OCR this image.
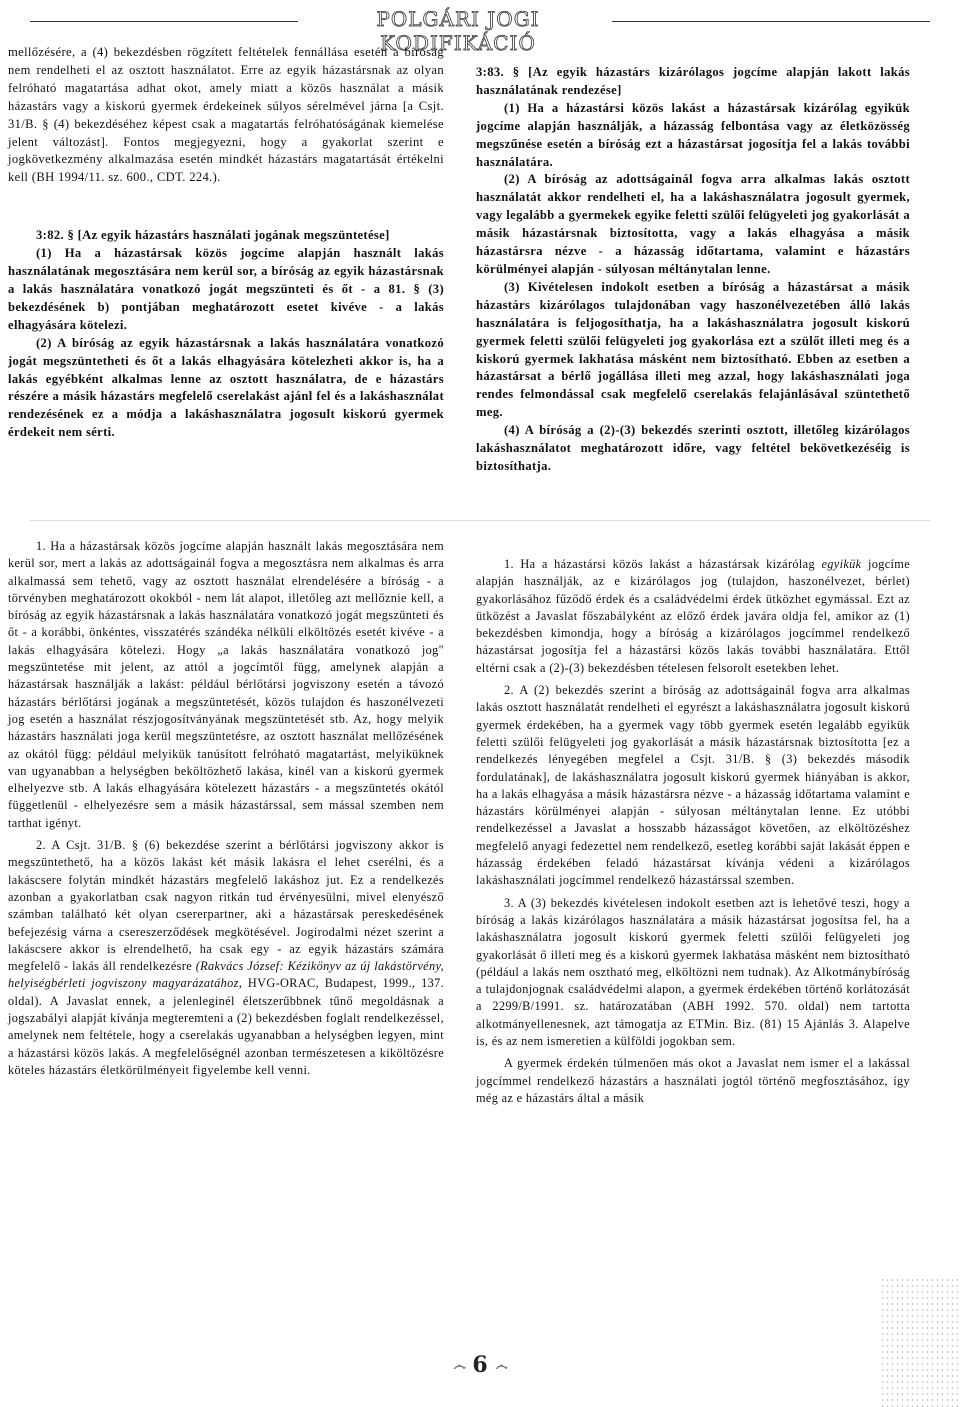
POLGÁRI JOGI KODIFIKÁCIÓ

mellőzésére, a (4) bekezdésben rögzített feltételek fennállása esetén a bíróság nem rendelheti el az osztott használatot. Erre az egyik házastársnak az olyan felróható magatartása adhat okot, amely miatt a közös használat a másik házastárs vagy a kiskorú gyermek érdekeinek súlyos sérelmével járna [a Csjt. 31/B. § (4) bekezdéséhez képest csak a magatartás felróhatóságának kiemelése jelent változást]. Fontos megjegyezni, hogy a gyakorlat szerint e jogkövetkezmény alkalmazása esetén mindkét házastárs magatartását értékelni kell (BH 1994/11. sz. 600., CDT. 224.).

3:82. § [Az egyik házastárs használati jogának megszüntetése]

(1) Ha a házastársak közös jogcíme alapján használt lakás használatának megosztására nem kerül sor, a bíróság az egyik házastársnak a lakás használatára vonatkozó jogát megszünteti és őt - a 81. § (3) bekezdésének b) pontjában meghatározott esetet kivéve - a lakás elhagyására kötelezi.

(2) A bíróság az egyik házastársnak a lakás használatára vonatkozó jogát megszüntetheti és őt a lakás elhagyására kötelezheti akkor is, ha a lakás egyébként alkalmas lenne az osztott használatra, de e házastárs részére a másik házastárs megfelelő cserelakást ajánl fel és a lakáshasználat rendezésének ez a módja a lakáshasználatra jogosult kiskorú gyermek érdekeit nem sérti.

3:83. § [Az egyik házastárs kizárólagos jogcíme alapján lakott lakás használatának rendezése]

(1) Ha a házastársi közös lakást a házastársak kizárólag egyikük jogcíme alapján használják, a házasság felbontása vagy az életközösség megszűnése esetén a bíróság ezt a házastársat jogosítja fel a lakás további használatára.

(2) A bíróság az adottságainál fogva arra alkalmas lakás osztott használatát akkor rendelheti el, ha a lakáshasználatra jogosult gyermek, vagy legalább a gyermekek egyike feletti szülői felügyeleti jog gyakorlását a másik házastársnak biztosította, vagy a lakás elhagyása a másik házastársra nézve - a házasság időtartama, valamint e házastárs körülményei alapján - súlyosan méltánytalan lenne.

(3) Kivételesen indokolt esetben a bíróság a házastársat a másik házastárs kizárólagos tulajdonában vagy haszonélvezetében álló lakás használatára is feljogosíthatja, ha a lakáshasználatra jogosult kiskorú gyermek feletti szülői felügyeleti jog gyakorlása ezt a szülőt illeti meg és a kiskorú gyermek lakhatása másként nem biztosítható. Ebben az esetben a házastársat a bérlő jogállása illeti meg azzal, hogy lakáshasználati joga rendes felmondással csak megfelelő cserelakás felajánlásával szüntethető meg.

(4) A bíróság a (2)-(3) bekezdés szerinti osztott, illetőleg kizárólagos lakáshasználatot meghatározott időre, vagy feltétel bekövetkezéséig is biztosíthatja.

1. Ha a házastársak közös jogcíme alapján használt lakás megosztására nem kerül sor, mert a lakás az adottságainál fogva a megosztásra nem alkalmas és arra alkalmassá sem tehető, vagy az osztott használat elrendelésére a bíróság - a törvényben meghatározott okokból - nem lát alapot, illetőleg azt mellőznie kell, a bíróság az egyik házastársnak a lakás használatára vonatkozó jogát megszünteti és őt - a korábbi, önkéntes, visszatérés szándéka nélküli elköltözés esetét kivéve - a lakás elhagyására kötelezi. Hogy „a lakás használatára vonatkozó jog" megszüntetése mit jelent, az attól a jogcímtől függ, amelynek alapján a házastársak használják a lakást: például bérlőtársi jogviszony esetén a távozó házastárs bérlőtársi jogának a megszüntetését, közös tulajdon és haszonélvezeti jog esetén a használat részjogosítványának megszüntetését stb. Az, hogy melyik házastárs használati joga kerül megszüntetésre, az osztott használat mellőzésének az okától függ: például melyikük tanúsított felróható magatartást, melyiküknek van ugyanabban a helységben beköltözhető lakása, kinél van a kiskorú gyermek elhelyezve stb. A lakás elhagyására kötelezett házastárs - a megszüntetés okától függetlenül - elhelyezésre sem a másik házastárssal, sem mással szemben nem tarthat igényt.

2. A Csjt. 31/B. § (6) bekezdése szerint a bérlőtársi jogviszony akkor is megszüntethető, ha a közös lakást két másik lakásra el lehet cserélni, és a lakáscsere folytán mindkét házastárs megfelelő lakáshoz jut. Ez a rendelkezés azonban a gyakorlatban csak nagyon ritkán tud érvényesülni, mivel elenyésző számban található két olyan csererpartner, aki a házastársak pereskedésének befejezésig várna a csereszerződések megkötésével. Jogirodalmi nézet szerint a lakáscsere akkor is elrendelhető, ha csak egy - az egyik házastárs számára megfelelő - lakás áll rendelkezésre (Rakvács József: Kézikönyv az új lakástörvény, helyiségbérleti jogviszony magyarázatához, HVG-ORAC, Budapest, 1999., 137. oldal). A Javaslat ennek, a jelenleginél életszerűbbnek tűnő megoldásnak a jogszabályi alapját kívánja megteremteni a (2) bekezdésben foglalt rendelkezéssel, amelynek nem feltétele, hogy a cserelakás ugyanabban a helységben legyen, mint a házastársi közös lakás. A megfelelőségnél azonban természetesen a kiköltözésre köteles házastárs életkörülményeit figyelembe kell venni.

1. Ha a házastársi közös lakást a házastársak kizárólag egyikük jogcíme alapján használják, az e kizárólagos jog (tulajdon, haszonélvezet, bérlet) gyakorlásához fűződő érdek és a családvédelmi érdek ütközhet egymással. Ezt az ütközést a Javaslat főszabályként az előző érdek javára oldja fel, amikor az (1) bekezdésben kimondja, hogy a bíróság a kizárólagos jogcímmel rendelkező házastársat jogosítja fel a házastársi közös lakás további használatára. Ettől eltérni csak a (2)-(3) bekezdésben tételesen felsorolt esetekben lehet.

2. A (2) bekezdés szerint a bíróság az adottságainál fogva arra alkalmas lakás osztott használatát rendelheti el egyrészt a lakáshasználatra jogosult kiskorú gyermek érdekében, ha a gyermek vagy több gyermek esetén legalább egyikük feletti szülői felügyeleti jog gyakorlását a másik házastársnak biztosította [ez a rendelkezés lényegében megfelel a Csjt. 31/B. § (3) bekezdés második fordulatának], de lakáshasználatra jogosult kiskorú gyermek hiányában is akkor, ha a lakás elhagyása a másik házastársra nézve - a házasság időtartama valamint e házastárs körülményei alapján - súlyosan méltánytalan lenne. Ez utóbbi rendelkezéssel a Javaslat a hosszabb házasságot követően, az elköltözéshez megfelelő anyagi fedezettel nem rendelkező, esetleg korábbi saját lakását éppen e házasság érdekében feladó házastársat kívánja védeni a kizárólagos lakáshasználati jogcímmel rendelkező házastárssal szemben.

3. A (3) bekezdés kivételesen indokolt esetben azt is lehetővé teszi, hogy a bíróság a lakás kizárólagos használatára a másik házastársat jogosítsa fel, ha a lakáshasználatra jogosult kiskorú gyermek feletti szülői felügyeleti jog gyakorlását ő illeti meg és a kiskorú gyermek lakhatása másként nem biztosítható (például a lakás nem osztható meg, elköltözni nem tudnak). Az Alkotmánybíróság a tulajdonjognak családvédelmi alapon, a gyermek érdekében történő korlátozását a 2299/B/1991. sz. határozatában (ABH 1992. 570. oldal) nem tartotta alkotmányellenesnek, azt támogatja az ETMin. Biz. (81) 15 Ajánlás 3. Alapelve is, és az nem ismeretien a külföldi jogokban sem.

A gyermek érdekén túlmenően más okot a Javaslat nem ismer el a lakással jogcímmel rendelkező házastárs a használati jogtól történő megfosztásához, így még az e házastárs által a másik

෴ 6 ෴
